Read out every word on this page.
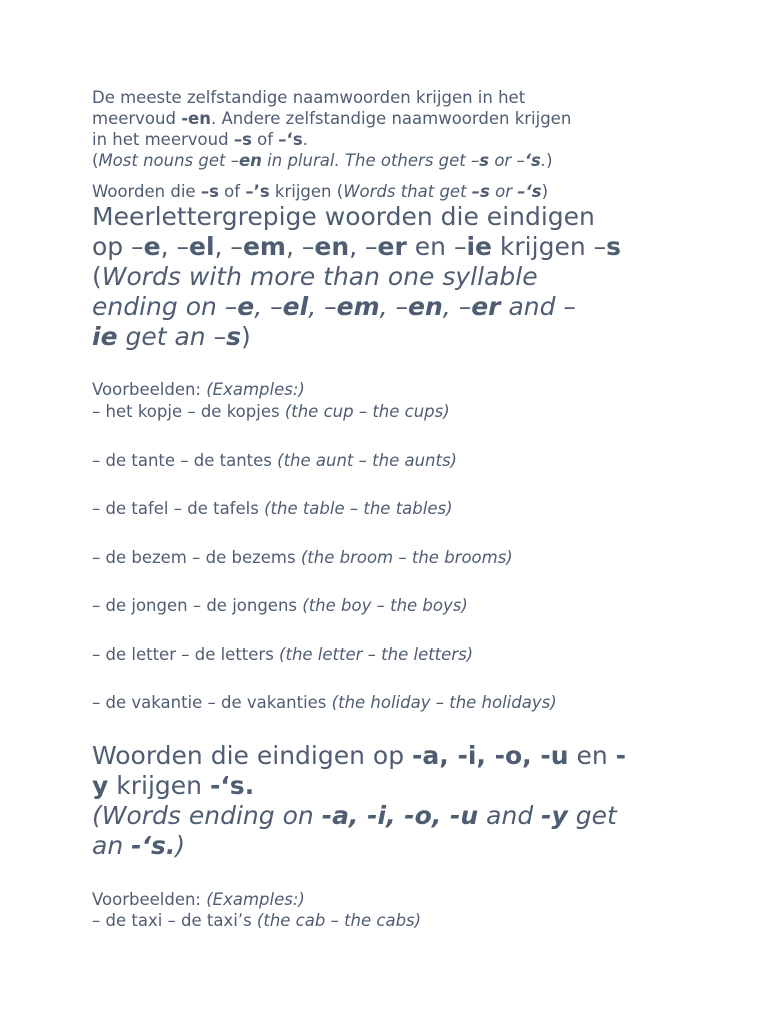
De meeste zelfstandige naamwoorden krijgen in het
meervoud -en. Andere zelfstandige naamwoorden krijgen
in het meervoud –s of –‘s.
(Most nouns get –en in plural. The others get –s or –‘s.)
Woorden die –s of –’s krijgen (Words that get –s or –‘s)
Meerlettergrepige woorden die eindigen
op –e, –el, –em, –en, –er en –ie krijgen –s
(Words with more than one syllable
ending on –e, –el, –em, –en, –er and –
ie get an –s)
Voorbeelden: (Examples:)
– het kopje – de kopjes (the cup – the cups)
– de tante – de tantes (the aunt – the aunts)
– de tafel – de tafels (the table – the tables)
– de bezem – de bezems (the broom – the brooms)
– de jongen – de jongens (the boy – the boys)
– de letter – de letters (the letter – the letters)
– de vakantie – de vakanties (the holiday – the holidays)
Woorden die eindigen op -a, -i, -o, -u en -
y krijgen -‘s.
(Words ending on -a, -i, -o, -u and -y get
an -‘s.)
Voorbeelden: (Examples:)
– de taxi – de taxi’s (the cab – the cabs)
